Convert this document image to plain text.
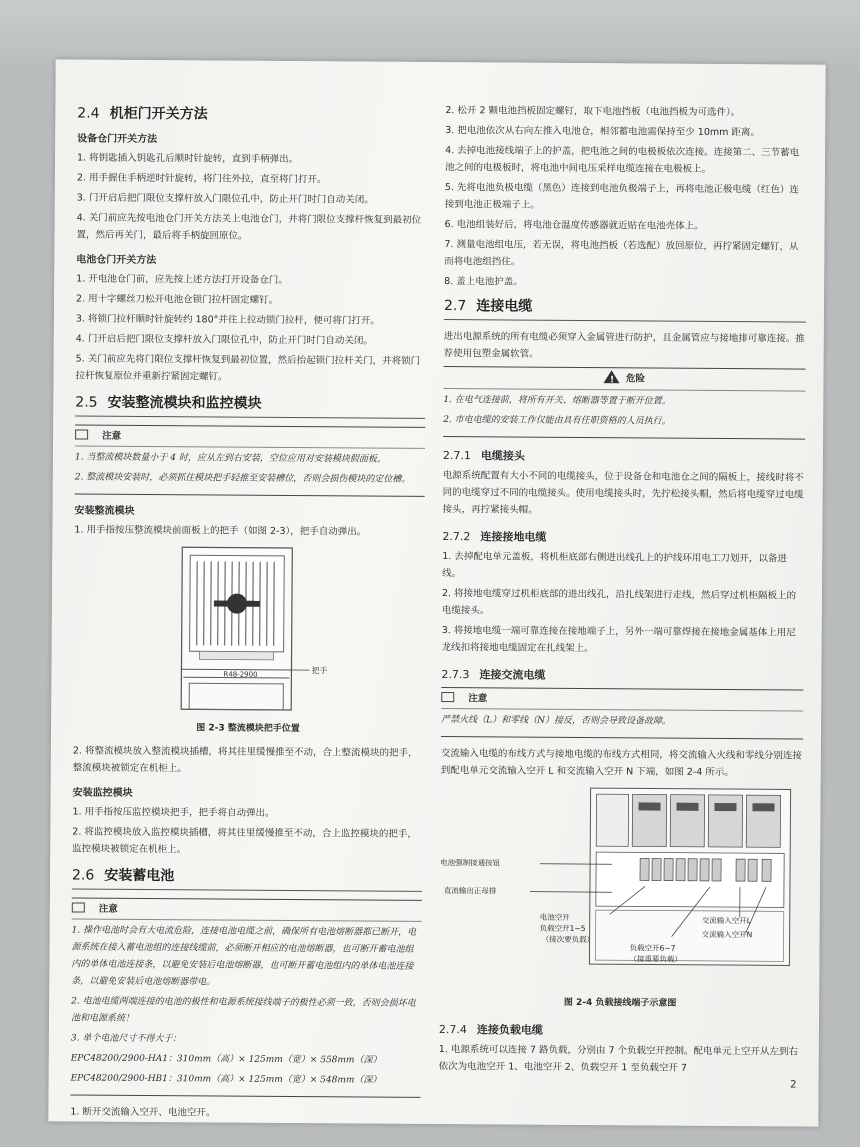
2.4 机柜门开关方法
设备仓门开关方法

1. 将钥匙插入钥匙孔后顺时针旋转，直到手柄弹出。

2. 用手握住手柄逆时针旋转，将门往外拉，直至将门打开。

3. 门开启后把门限位支撑杆放入门限位孔中，防止开门时门自动关闭。

4. 关门前应先按电池仓门开关方法关上电池仓门，并将门限位支撑杆恢复到最初位置，然后再关门，最后将手柄旋回原位。

电池仓门开关方法

1. 开电池仓门前，应先按上述方法打开设备仓门。

2. 用十字螺丝刀松开电池仓锁门拉杆固定螺钉。

3. 将锁门拉杆顺时针旋转约 180°并往上拉动锁门拉杆，便可将门打开。

4. 门开启后把门限位支撑杆放入门限位孔中，防止开门时门自动关闭。

5. 关门前应先将门限位支撑杆恢复到最初位置，然后抬起锁门拉杆关门，并将锁门拉杆恢复原位并重新拧紧固定螺钉。

2.5 安装整流模块和监控模块
注意

1. 当整流模块数量小于 4 时，应从左到右安装，空位应用对安装模块假面板。

2. 整流模块安装时，必须抓住模块把手轻推至安装槽位，否则会损伤模块的定位槽。

安装整流模块

1. 用手指按压整流模块前面板上的把手（如图 2-3），把手自动弹出。

R48-2900	把手
图 2-3 整流模块把手位置

2. 将整流模块放入整流模块插槽，将其往里缓慢推至不动，合上整流模块的把手，整流模块被锁定在机柜上。

安装监控模块

1. 用手指按压监控模块把手，把手将自动弹出。

2. 将监控模块放入监控模块插槽，将其往里缓慢推至不动，合上监控模块的把手，监控模块被锁定在机柜上。

2.6 安装蓄电池
注意

1. 操作电池时会有大电流危险，连接电池电缆之前，确保所有电池熔断器都已断开，电源系统在接入蓄电池组的连接线缆前，必须断开相应的电池熔断器，也可断开蓄电池组内的单体电池连接条，以避免安装后电池熔断器，也可断开蓄电池组内的单体电池连接条，以避免安装后电池熔断器带电。

2. 电池电缆两端连接的电池的极性和电源系统接线端子的极性必须一致，否则会损坏电池和电源系统！

3. 单个电池尺寸不得大于：

EPC48200/2900-HA1：310mm（高）× 125mm（宽）× 558mm（深）

EPC48200/2900-HB1：310mm（高）× 125mm（宽）× 548mm（深）

1. 断开交流输入空开、电池空开。

2. 松开 2 颗电池挡板固定螺钉，取下电池挡板（电池挡板为可选件）。

3. 把电池依次从右向左推入电池仓，相邻蓄电池需保持至少 10mm 距离。

4. 去掉电池接线端子上的护盖，把电池之间的电极板依次连接。连接第二、三节蓄电池之间的电极板时，将电池中间电压采样电缆连接在电极板上。

5. 先将电池负极电缆（黑色）连接到电池负极端子上，再将电池正极电缆（红色）连接到电池正极端子上。

6. 电池组装好后，将电池仓温度传感器就近贴在电池壳体上。

7. 测量电池组电压，若无误，将电池挡板（若选配）放回原位，再拧紧固定螺钉，从而将电池组挡住。

8. 盖上电池护盖。

2.7 连接电缆

进出电源系统的所有电缆必须穿入金属管进行防护，且金属管应与接地排可靠连接。推荐使用包塑金属软管。

!危险

1. 在电气连接前，将所有开关、熔断器等置于断开位置。

2. 市电电缆的安装工作仅能由具有任职资格的人员执行。

2.7.1 电缆接头

电源系统配置有大小不同的电缆接头，位于设备仓和电池仓之间的隔板上，接线时将不同的电缆穿过不同的电缆接头。使用电缆接头时，先拧松接头帽，然后将电缆穿过电缆接头，再拧紧接头帽。

2.7.2 连接接地电缆

1. 去掉配电单元盖板，将机柜底部右侧进出线孔上的护线环用电工刀划开，以备进线。

2. 将接地电缆穿过机柜底部的进出线孔，沿扎线架进行走线，然后穿过机柜隔板上的电缆接头。

3. 将接地电缆一端可靠连接在接地端子上，另外一端可靠焊接在接地金属基体上用尼龙线扣将接地电缆固定在扎线架上。

2.7.3 连接交流电缆
注意

严禁火线（L）和零线（N）接反，否则会导致设备故障。

交流输入电缆的布线方式与接地电缆的布线方式相同，将交流输入火线和零线分别连接到配电单元交流输入空开 L 和交流输入空开 N 下端，如图 2-4 所示。

电池强制接通按钮
直流输出正母排
电池空开
负载空开1~5
（接次要负载）
负载空开6~7
（接重要负载）
交流输入空开L
交流输入空开N
图 2-4 负载接线端子示意图
2.7.4 连接负载电缆

1. 电源系统可以连接 7 路负载，分别由 7 个负载空开控制。配电单元上空开从左到右依次为电池空开 1、电池空开 2、负载空开 1 至负载空开 7

2
